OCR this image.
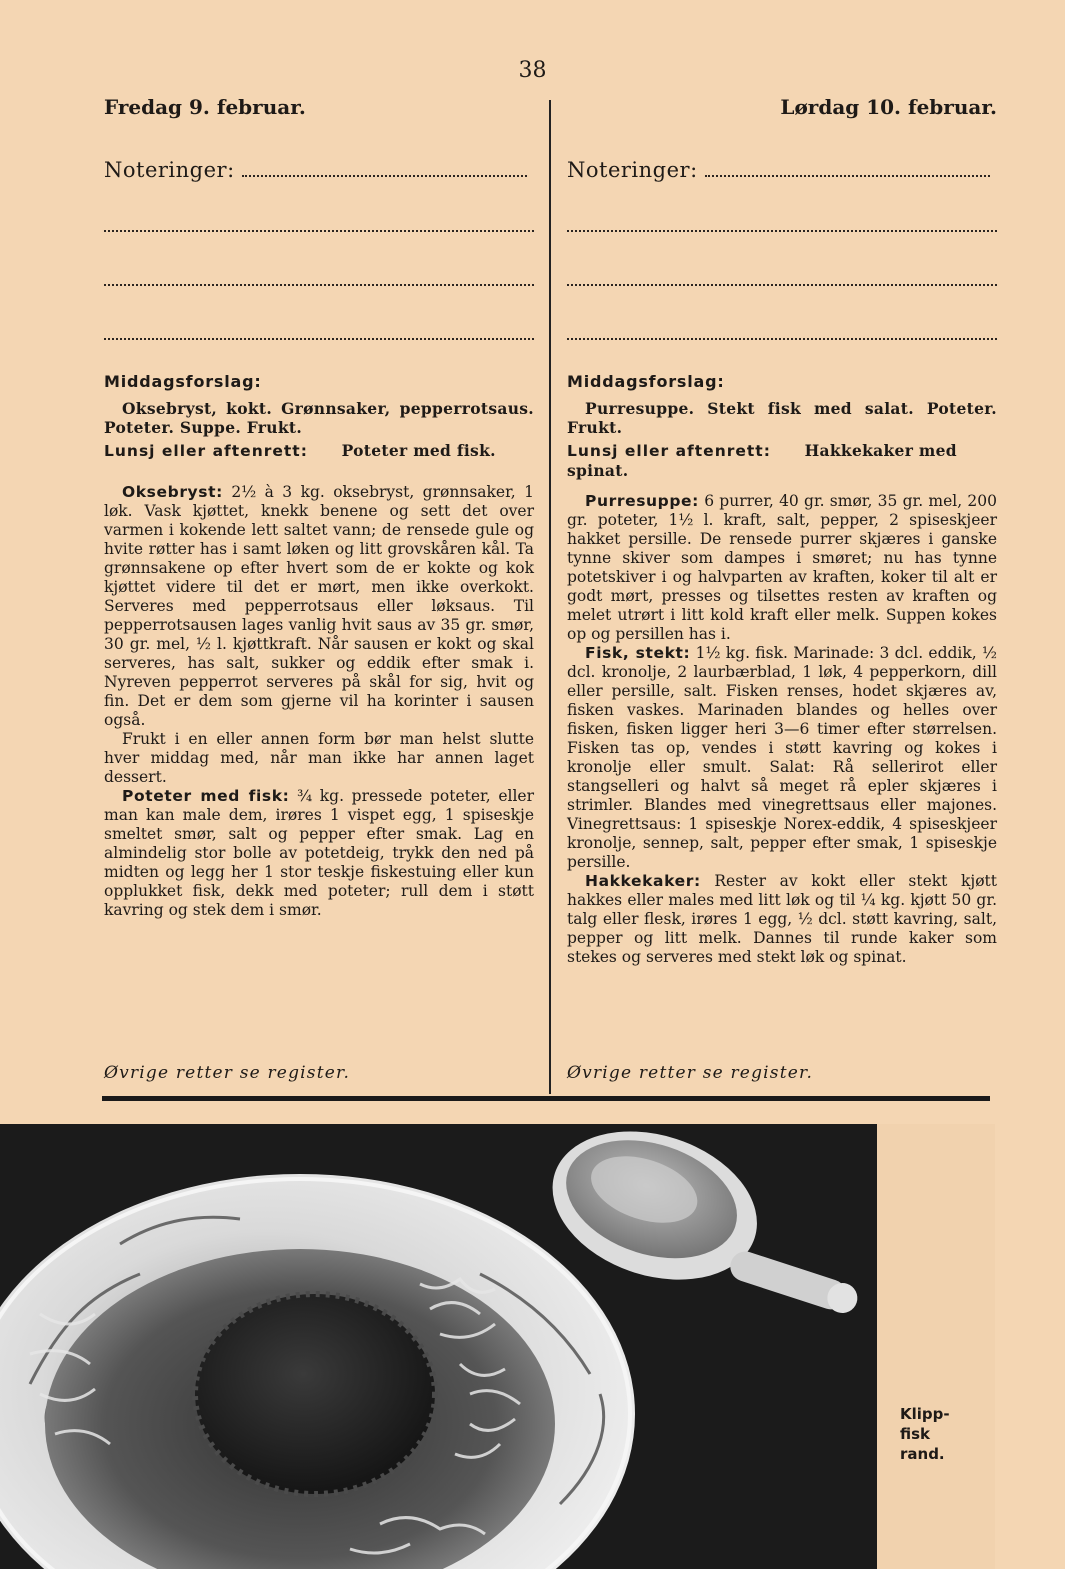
38
Fredag 9. februar.
Noteringer:
Lørdag 10. februar.
Noteringer:

Middagsforslag:

Oksebryst, kokt. Grønnsaker, pepperrotsaus. Poteter. Suppe. Frukt.

Lunsj eller aftenrett: Poteter med fisk.

Oksebryst: 2½ à 3 kg. oksebryst, grønnsaker, 1 løk. Vask kjøttet, knekk benene og sett det over varmen i kokende lett saltet vann; de rensede gule og hvite røtter has i samt løken og litt grovskåren kål. Ta grønnsakene op efter hvert som de er kokte og kok kjøttet videre til det er mørt, men ikke overkokt. Serveres med pepperrotsaus eller løksaus. Til pepperrotsausen lages vanlig hvit saus av 35 gr. smør, 30 gr. mel, ½ l. kjøttkraft. Når sausen er kokt og skal serveres, has salt, sukker og eddik efter smak i. Nyreven pepperrot serveres på skål for sig, hvit og fin. Det er dem som gjerne vil ha korinter i sausen også.

Frukt i en eller annen form bør man helst slutte hver middag med, når man ikke har annen laget dessert.

Poteter med fisk: ¾ kg. pressede poteter, eller man kan male dem, irøres 1 vispet egg, 1 spiseskje smeltet smør, salt og pepper efter smak. Lag en almindelig stor bolle av potetdeig, trykk den ned på midten og legg her 1 stor teskje fiskestuing eller kun opplukket fisk, dekk med poteter; rull dem i støtt kavring og stek dem i smør.

Middagsforslag:

Purresuppe. Stekt fisk med salat. Poteter. Frukt.

Lunsj eller aftenrett: Hakkekaker med spinat.

Purresuppe: 6 purrer, 40 gr. smør, 35 gr. mel, 200 gr. poteter, 1½ l. kraft, salt, pepper, 2 spiseskjeer hakket persille. De rensede purrer skjæres i ganske tynne skiver som dampes i smøret; nu has tynne potetskiver i og halvparten av kraften, koker til alt er godt mørt, presses og tilsettes resten av kraften og melet utrørt i litt kold kraft eller melk. Suppen kokes op og persillen has i.

Fisk, stekt: 1½ kg. fisk. Marinade: 3 dcl. eddik, ½ dcl. kronolje, 2 laurbærblad, 1 løk, 4 pepperkorn, dill eller persille, salt. Fisken renses, hodet skjæres av, fisken vaskes. Marinaden blandes og helles over fisken, fisken ligger heri 3—6 timer efter størrelsen. Fisken tas op, vendes i støtt kavring og kokes i kronolje eller smult. Salat: Rå sellerirot eller stangselleri og halvt så meget rå epler skjæres i strimler. Blandes med vinegrettsaus eller majones. Vinegrettsaus: 1 spiseskje Norex-eddik, 4 spiseskjeer kronolje, sennep, salt, pepper efter smak, 1 spiseskje persille.

Hakkekaker: Rester av kokt eller stekt kjøtt hakkes eller males med litt løk og til ¼ kg. kjøtt 50 gr. talg eller flesk, irøres 1 egg, ½ dcl. støtt kavring, salt, pepper og litt melk. Dannes til runde kaker som stekes og serveres med stekt løk og spinat.

Øvrige retter se register.	Øvrige retter se register.
Klipp-
fisk
rand.
